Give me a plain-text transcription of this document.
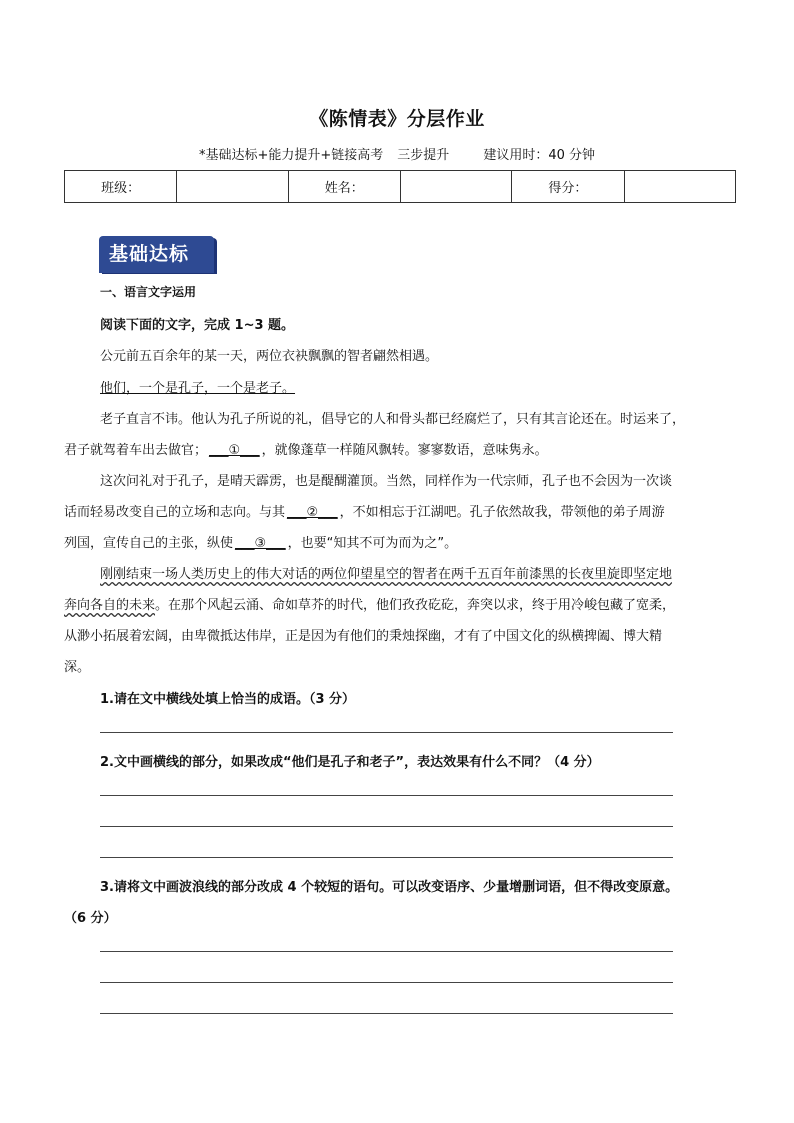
《陈情表》分层作业
*基础达标+能力提升+链接高考 三步提升	建议用时：40 分钟
班级：		姓名：		得分：	
基础达标
一、语言文字运用
阅读下面的文字，完成 1~3 题。
公元前五百余年的某一天，两位衣袂飘飘的智者翩然相遇。
他们，一个是孔子，一个是老子。
老子直言不讳。他认为孔子所说的礼，倡导它的人和骨头都已经腐烂了，只有其言论还在。时运来了，
君子就驾着车出去做官； ___①___ ，就像蓬草一样随风飘转。寥寥数语，意味隽永。
这次问礼对于孔子，是晴天霹雳，也是醍醐灌顶。当然，同样作为一代宗师，孔子也不会因为一次谈
话而轻易改变自己的立场和志向。与其 ___②___ ，不如相忘于江湖吧。孔子依然故我，带领他的弟子周游
列国，宣传自己的主张，纵使 ___③___ ，也要“知其不可为而为之”。
刚刚结束一场人类历史上的伟大对话的两位仰望星空的智者在两千五百年前漆黑的长夜里旋即坚定地
奔向各自的未来。在那个风起云涌、命如草芥的时代，他们孜孜矻矻，奔突以求，终于用冷峻包藏了宽柔，
从渺小拓展着宏阔，由卑微抵达伟岸，正是因为有他们的秉烛探幽，才有了中国文化的纵横捭阖、博大精
深。
1.请在文中横线处填上恰当的成语。（3 分）
2.文中画横线的部分，如果改成“他们是孔子和老子”，表达效果有什么不同？（4 分）
3.请将文中画波浪线的部分改成 4 个较短的语句。可以改变语序、少量增删词语，但不得改变原意。
（6 分）
